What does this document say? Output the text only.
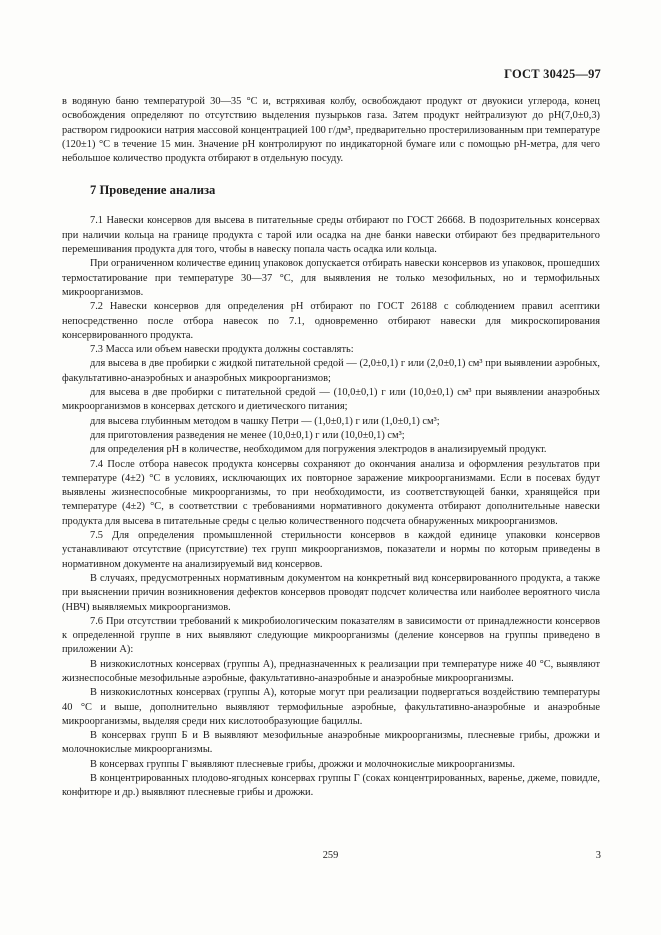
ГОСТ 30425—97

в водяную баню температурой 30—35 °С и, встряхивая колбу, освобождают продукт от двуокиси углерода, конец освобождения определяют по отсутствию выделения пузырьков газа. Затем продукт нейтрализуют до рН(7,0±0,3) раствором гидроокиси натрия массовой концентрацией 100 г/дм³, предварительно простерилизованным при температуре (120±1) °С в течение 15 мин. Значение рН контролируют по индикаторной бумаге или с помощью рН-метра, для чего небольшое количество продукта отбирают в отдельную посуду.

7 Проведение анализа

7.1 Навески консервов для высева в питательные среды отбирают по ГОСТ 26668. В подозрительных консервах при наличии кольца на границе продукта с тарой или осадка на дне банки навески отбирают без предварительного перемешивания продукта для того, чтобы в навеску попала часть осадка или кольца.

При ограниченном количестве единиц упаковок допускается отбирать навески консервов из упаковок, прошедших термостатирование при температуре 30—37 °С, для выявления не только мезофильных, но и термофильных микроорганизмов.

7.2 Навески консервов для определения рН отбирают по ГОСТ 26188 с соблюдением правил асептики непосредственно после отбора навесок по 7.1, одновременно отбирают навески для микроскопирования консервированного продукта.

7.3 Масса или объем навески продукта должны составлять:

для высева в две пробирки с жидкой питательной средой — (2,0±0,1) г или (2,0±0,1) см³ при выявлении аэробных, факультативно-анаэробных и анаэробных микроорганизмов;

для высева в две пробирки с питательной средой — (10,0±0,1) г или (10,0±0,1) см³ при выявлении анаэробных микроорганизмов в консервах детского и диетического питания;

для высева глубинным методом в чашку Петри — (1,0±0,1) г или (1,0±0,1) см³;

для приготовления разведения не менее (10,0±0,1) г или (10,0±0,1) см³;

для определения рН в количестве, необходимом для погружения электродов в анализируемый продукт.

7.4 После отбора навесок продукта консервы сохраняют до окончания анализа и оформления результатов при температуре (4±2) °С в условиях, исключающих их повторное заражение микроорганизмами. Если в посевах будут выявлены жизнеспособные микроорганизмы, то при необходимости, из соответствующей банки, хранящейся при температуре (4±2) °С, в соответствии с требованиями нормативного документа отбирают дополнительные навески продукта для высева в питательные среды с целью количественного подсчета обнаруженных микроорганизмов.

7.5 Для определения промышленной стерильности консервов в каждой единице упаковки консервов устанавливают отсутствие (присутствие) тех групп микроорганизмов, показатели и нормы по которым приведены в нормативном документе на анализируемый вид консервов.

В случаях, предусмотренных нормативным документом на конкретный вид консервированного продукта, а также при выяснении причин возникновения дефектов консервов проводят подсчет количества или наиболее вероятного числа (НВЧ) выявляемых микроорганизмов.

7.6 При отсутствии требований к микробиологическим показателям в зависимости от принадлежности консервов к определенной группе в них выявляют следующие микроорганизмы (деление консервов на группы приведено в приложении А):

В низкокислотных консервах (группы А), предназначенных к реализации при температуре ниже 40 °С, выявляют жизнеспособные мезофильные аэробные, факультативно-анаэробные и анаэробные микроорганизмы.

В низкокислотных консервах (группы А), которые могут при реализации подвергаться воздействию температуры 40 °С и выше, дополнительно выявляют термофильные аэробные, факультативно-анаэробные и анаэробные микроорганизмы, выделяя среди них кислотообразующие бациллы.

В консервах групп Б и В выявляют мезофильные анаэробные микроорганизмы, плесневые грибы, дрожжи и молочнокислые микроорганизмы.

В консервах группы Г выявляют плесневые грибы, дрожжи и молочнокислые микроорганизмы.

В концентрированных плодово-ягодных консервах группы Г (соках концентрированных, варенье, джеме, повидле, конфитюре и др.) выявляют плесневые грибы и дрожжи.

259	3
